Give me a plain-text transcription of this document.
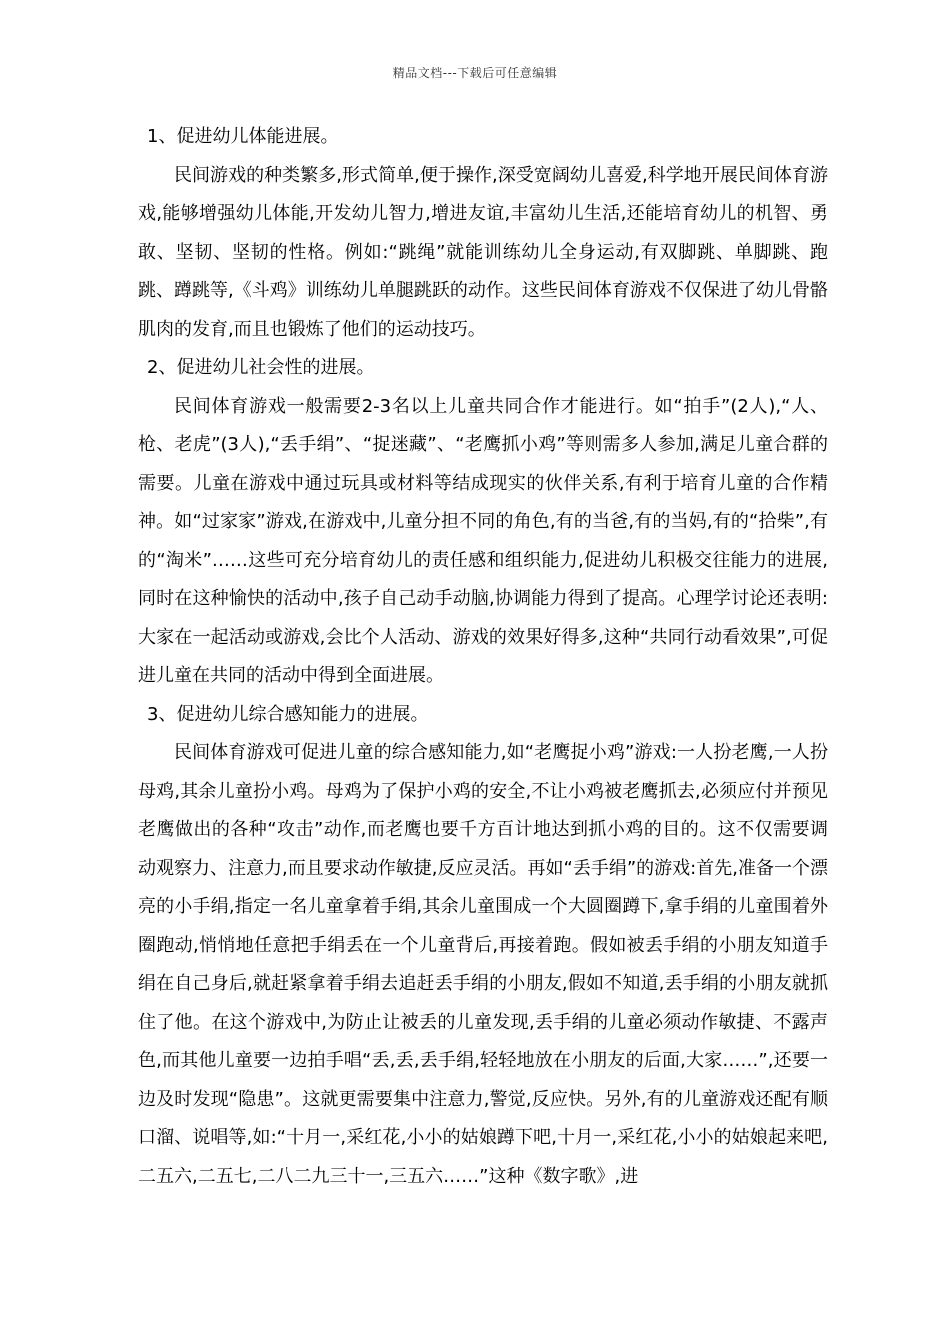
精品文档---下载后可任意编辑

1、促进幼儿体能进展。

民间游戏的种类繁多,形式简单,便于操作,深受宽阔幼儿喜爱,科学地开展民间体育游戏,能够增强幼儿体能,开发幼儿智力,增进友谊,丰富幼儿生活,还能培育幼儿的机智、勇敢、坚韧、坚韧的性格。例如:“跳绳”就能训练幼儿全身运动,有双脚跳、单脚跳、跑跳、蹲跳等,《斗鸡》训练幼儿单腿跳跃的动作。这些民间体育游戏不仅保进了幼儿骨骼肌肉的发育,而且也锻炼了他们的运动技巧。

2、促进幼儿社会性的进展。

民间体育游戏一般需要2-3名以上儿童共同合作才能进行。如“拍手”(2人),“人、枪、老虎”(3人),“丢手绢”、“捉迷藏”、“老鹰抓小鸡”等则需多人参加,满足儿童合群的需要。儿童在游戏中通过玩具或材料等结成现实的伙伴关系,有利于培育儿童的合作精神。如“过家家”游戏,在游戏中,儿童分担不同的角色,有的当爸,有的当妈,有的“拾柴”,有的“淘米”……这些可充分培育幼儿的责任感和组织能力,促进幼儿积极交往能力的进展,同时在这种愉快的活动中,孩子自己动手动脑,协调能力得到了提高。心理学讨论还表明:大家在一起活动或游戏,会比个人活动、游戏的效果好得多,这种“共同行动看效果”,可促进儿童在共同的活动中得到全面进展。

3、促进幼儿综合感知能力的进展。

民间体育游戏可促进儿童的综合感知能力,如“老鹰捉小鸡”游戏:一人扮老鹰,一人扮母鸡,其余儿童扮小鸡。母鸡为了保护小鸡的安全,不让小鸡被老鹰抓去,必须应付并预见老鹰做出的各种“攻击”动作,而老鹰也要千方百计地达到抓小鸡的目的。这不仅需要调动观察力、注意力,而且要求动作敏捷,反应灵活。再如“丢手绢”的游戏:首先,准备一个漂亮的小手绢,指定一名儿童拿着手绢,其余儿童围成一个大圆圈蹲下,拿手绢的儿童围着外圈跑动,悄悄地任意把手绢丢在一个儿童背后,再接着跑。假如被丢手绢的小朋友知道手绢在自己身后,就赶紧拿着手绢去追赶丢手绢的小朋友,假如不知道,丢手绢的小朋友就抓住了他。在这个游戏中,为防止让被丢的儿童发现,丢手绢的儿童必须动作敏捷、不露声色,而其他儿童要一边拍手唱“丢,丢,丢手绢,轻轻地放在小朋友的后面,大家……”,还要一边及时发现“隐患”。这就更需要集中注意力,警觉,反应快。另外,有的儿童游戏还配有顺口溜、说唱等,如:“十月一,采红花,小小的姑娘蹲下吧,十月一,采红花,小小的姑娘起来吧,二五六,二五七,二八二九三十一,三五六……”这种《数字歌》,进
